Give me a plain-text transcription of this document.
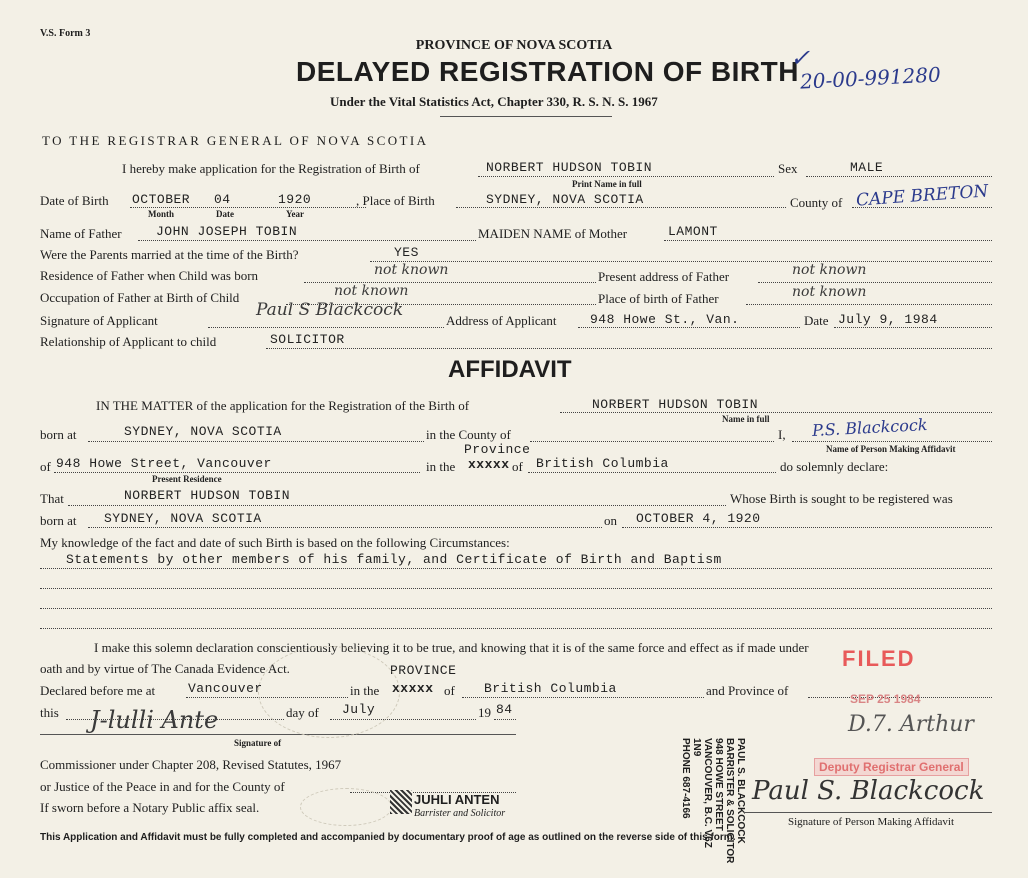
V.S. Form 3
PROVINCE OF NOVA SCOTIA
DELAYED REGISTRATION OF BIRTH
Under the Vital Statistics Act, Chapter 330, R. S. N. S. 1967
20-00-991280
✓
TO THE REGISTRAR GENERAL OF NOVA SCOTIA
I hereby make application for the Registration of Birth of	NORBERT HUDSON TOBIN
Print Name in full
Sex	MALE
Date of Birth OCTOBER 04	1920
Month	Date	Year
, Place of Birth	SYDNEY, NOVA SCOTIA	County of CAPE BRETON
Name of Father	JOHN JOSEPH TOBIN	MAIDEN NAME of Mother	LAMONT
Were the Parents married at the time of the Birth?	YES
Residence of Father when Child was born	not known	Present address of Father	not known
Occupation of Father at Birth of Child	not known	Place of birth of Father	not known
Signature of Applicant
Paul S Blackcock
Address of Applicant	948 Howe St., Van.	Date July 9, 1984
Relationship of Applicant to child	SOLICITOR
AFFIDAVIT
IN THE MATTER of the application for the Registration of the Birth of	NORBERT HUDSON TOBIN
Name in full
born at	SYDNEY, NOVA SCOTIA	in the County of
Province
I, P.S. Blackcock
Name of Person Making Affidavit
of 948 Howe Street, Vancouver
Present Residence
in the xxxxx of British Columbia	do solemnly declare:
That	NORBERT HUDSON TOBIN	Whose Birth is sought to be registered was
born at SYDNEY, NOVA SCOTIA	on OCTOBER 4, 1920
My knowledge of the fact and date of such Birth is based on the following Circumstances:
Statements by other members of his family, and Certificate of Birth and Baptism
I make this solemn declaration conscientiously believing it to be true, and knowing that it is of the same force and effect as if made under
oath and by virtue of The Canada Evidence Act.	PROVINCE
Declared before me at	Vancouver	in the xxxxx of British Columbia	and Province of
this	day of July	19 84
J-lulli Ante
Signature of
Commissioner under Chapter 208, Revised Statutes, 1967
or Justice of the Peace in and for the County of
If sworn before a Notary Public affix seal.
JUHLI ANTEN
Barrister and Solicitor	PAUL S. BLACKCOCK
BARRISTER & SOLICITOR
948 HOWE STREET
VANCOUVER, B.C. V6Z 1N9
PHONE 687-4166
FILED
SEP 25 1984
D.7. Arthur
Deputy Registrar General
Paul S. Blackcock
Signature of Person Making Affidavit
This Application and Affidavit must be fully completed and accompanied by documentary proof of age as outlined on the reverse side of this form.
